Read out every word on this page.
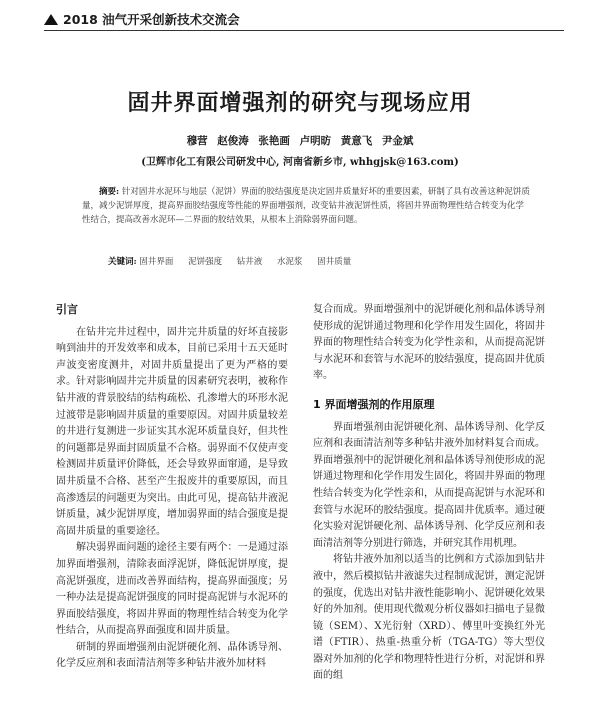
2018 油气开采创新技术交流会
固井界面增强剂的研究与现场应用
穆营 赵俊涛 张艳画 卢明昉 黄意飞 尹金斌
(卫辉市化工有限公司研发中心, 河南省新乡市, whhgjsk@163.com)
摘要: 针对固井水泥环与地层（泥饼）界面的胶结强度是决定固井质量好坏的重要因素，研制了具有改善这种泥饼质量，减少泥饼厚度，提高界面胶结强度等性能的界面增强剂，改变钻井液泥饼性质，将固井界面物理性结合转变为化学性结合，提高改善水泥环—二界面的胶结效果，从根本上消除弱界面问题。
关键词: 固井界面 泥饼强度 钻井液 水泥浆 固井质量
引言

在钻井完井过程中，固井完井质量的好坏直接影响到油井的开发效率和成本，目前已采用十五天延时声波变密度测井，对固井质量提出了更为严格的要求。针对影响固井完井质量的因素研究表明，被称作钻井液的背景胶结的结构疏松、孔渗增大的环形水泥过渡带是影响固井质量的重要原因。对固井质量较差的井进行复测进一步证实其水泥环质量良好，但共性的问题都是界面封固质量不合格。弱界面不仅使声变检测固井质量评价降低，还会导致界面窜通，是导致固井质量不合格、甚至产生报废井的重要原因，而且高渗透层的问题更为突出。由此可见，提高钻井液泥饼质量，减少泥饼厚度，增加弱界面的结合强度是提高固井质量的重要途径。

解决弱界面问题的途径主要有两个：一是通过添加界面增强剂，清除表面浮泥饼，降低泥饼厚度，提高泥饼强度，进而改善界面结构，提高界面强度；另一种办法是提高泥饼强度的同时提高泥饼与水泥环的界面胶结强度，将固井界面的物理性结合转变为化学性结合，从而提高界面强度和固井质量。

研制的界面增强剂由泥饼硬化剂、晶体诱导剂、化学反应剂和表面清洁剂等多种钻井液外加材料

复合而成。界面增强剂中的泥饼硬化剂和晶体诱导剂使形成的泥饼通过物理和化学作用发生固化，将固井界面的物理性结合转变为化学性亲和，从而提高泥饼与水泥环和套管与水泥环的胶结强度，提高固井优质率。

1 界面增强剂的作用原理

界面增强剂由泥饼硬化剂、晶体诱导剂、化学反应剂和表面清洁剂等多种钻井液外加材料复合而成。界面增强剂中的泥饼硬化剂和晶体诱导剂使形成的泥饼通过物理和化学作用发生固化，将固井界面的物理性结合转变为化学性亲和，从而提高泥饼与水泥环和套管与水泥环的胶结强度。提高固井优质率。通过硬化实验对泥饼硬化剂、晶体诱导剂、化学反应剂和表面清洁剂等分别进行筛选，并研究其作用机理。

将钻井液外加剂以适当的比例和方式添加到钻井液中，然后模拟钻井液滤失过程制成泥饼，测定泥饼的强度，优选出对钻井液性能影响小、泥饼硬化效果好的外加剂。使用现代微观分析仪器如扫描电子显微镜（SEM）、X光衍射（XRD）、傅里叶变换红外光谱（FTIR）、热重-热重分析（TGA-TG）等大型仪器对外加剂的化学和物理特性进行分析，对泥饼和界面的组
